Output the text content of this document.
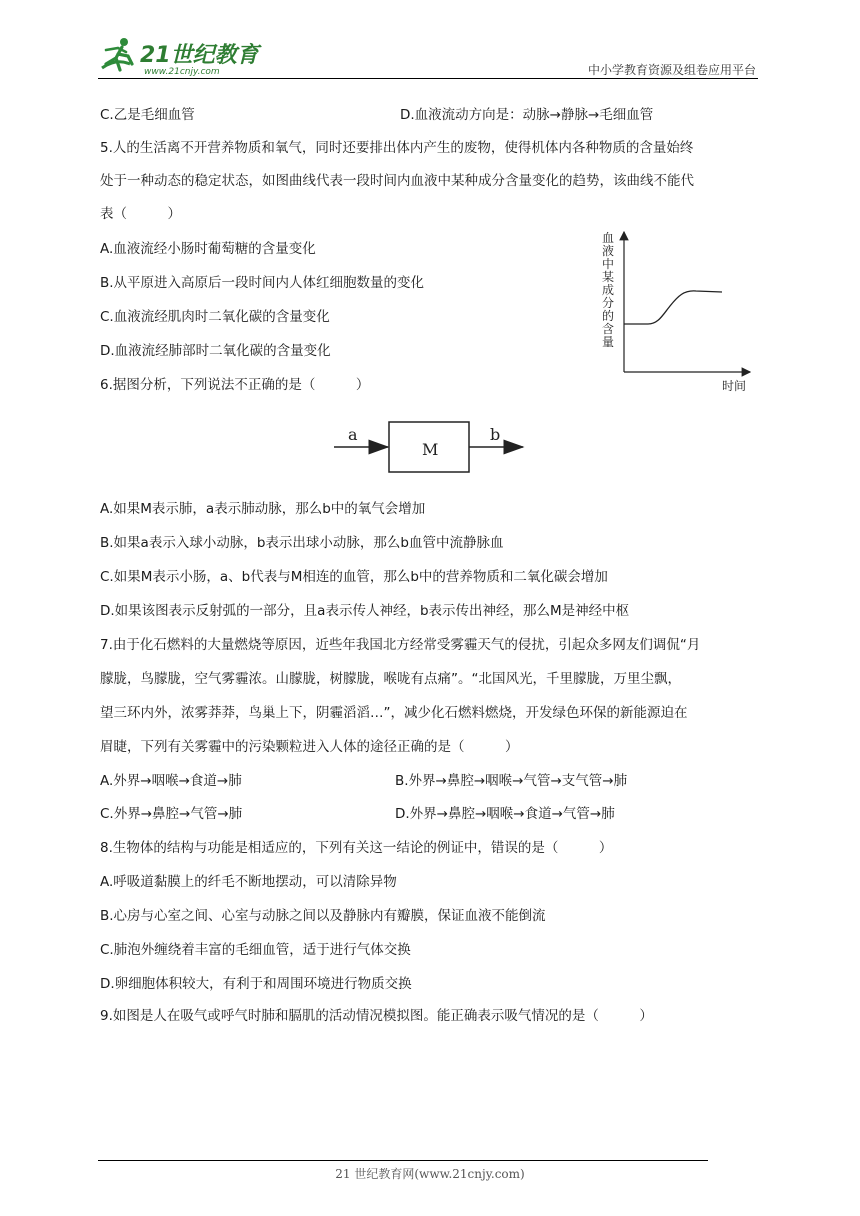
21世纪教育
www.21cnjy.com	中小学教育资源及组卷应用平台
C.乙是毛细血管	D.血液流动方向是：动脉→静脉→毛细血管
5.人的生活离不开营养物质和氧气，同时还要排出体内产生的废物，使得机体内各种物质的含量始终
处于一种动态的稳定状态，如图曲线代表一段时间内血液中某种成分含量变化的趋势，该曲线不能代
表（　　　）
A.血液流经小肠时葡萄糖的含量变化
B.从平原进入高原后一段时间内人体红细胞数量的变化
C.血液流经肌肉时二氧化碳的含量变化
D.血液流经肺部时二氧化碳的含量变化
血
液
中
某
成
分
的
含
量
时间
6.据图分析，下列说法不正确的是（　　　）
a
M
b
A.如果M表示肺，a表示肺动脉，那么b中的氧气会增加
B.如果a表示入球小动脉，b表示出球小动脉，那么b血管中流静脉血
C.如果M表示小肠，a、b代表与M相连的血管，那么b中的营养物质和二氧化碳会增加
D.如果该图表示反射弧的一部分，且a表示传人神经，b表示传出神经，那么M是神经中枢
7.由于化石燃料的大量燃烧等原因，近些年我国北方经常受雾霾天气的侵扰，引起众多网友们调侃“月
朦胧，鸟朦胧，空气雾霾浓。山朦胧，树朦胧，喉咙有点痛”。“北国风光，千里朦胧，万里尘飘，
望三环内外，浓雾莽莽，鸟巢上下，阴霾滔滔…”，减少化石燃料燃烧，开发绿色环保的新能源迫在
眉睫，下列有关雾霾中的污染颗粒进入人体的途径正确的是（　　　）
A.外界→咽喉→食道→肺	B.外界→鼻腔→咽喉→气管→支气管→肺
C.外界→鼻腔→气管→肺	D.外界→鼻腔→咽喉→食道→气管→肺
8.生物体的结构与功能是相适应的，下列有关这一结论的例证中，错误的是（　　　）
A.呼吸道黏膜上的纤毛不断地摆动，可以清除异物
B.心房与心室之间、心室与动脉之间以及静脉内有瓣膜，保证血液不能倒流
C.肺泡外缠绕着丰富的毛细血管，适于进行气体交换
D.卵细胞体积较大，有利于和周围环境进行物质交换
9.如图是人在吸气或呼气时肺和膈肌的活动情况模拟图。能正确表示吸气情况的是（　　　）
21 世纪教育网(www.21cnjy.com)
